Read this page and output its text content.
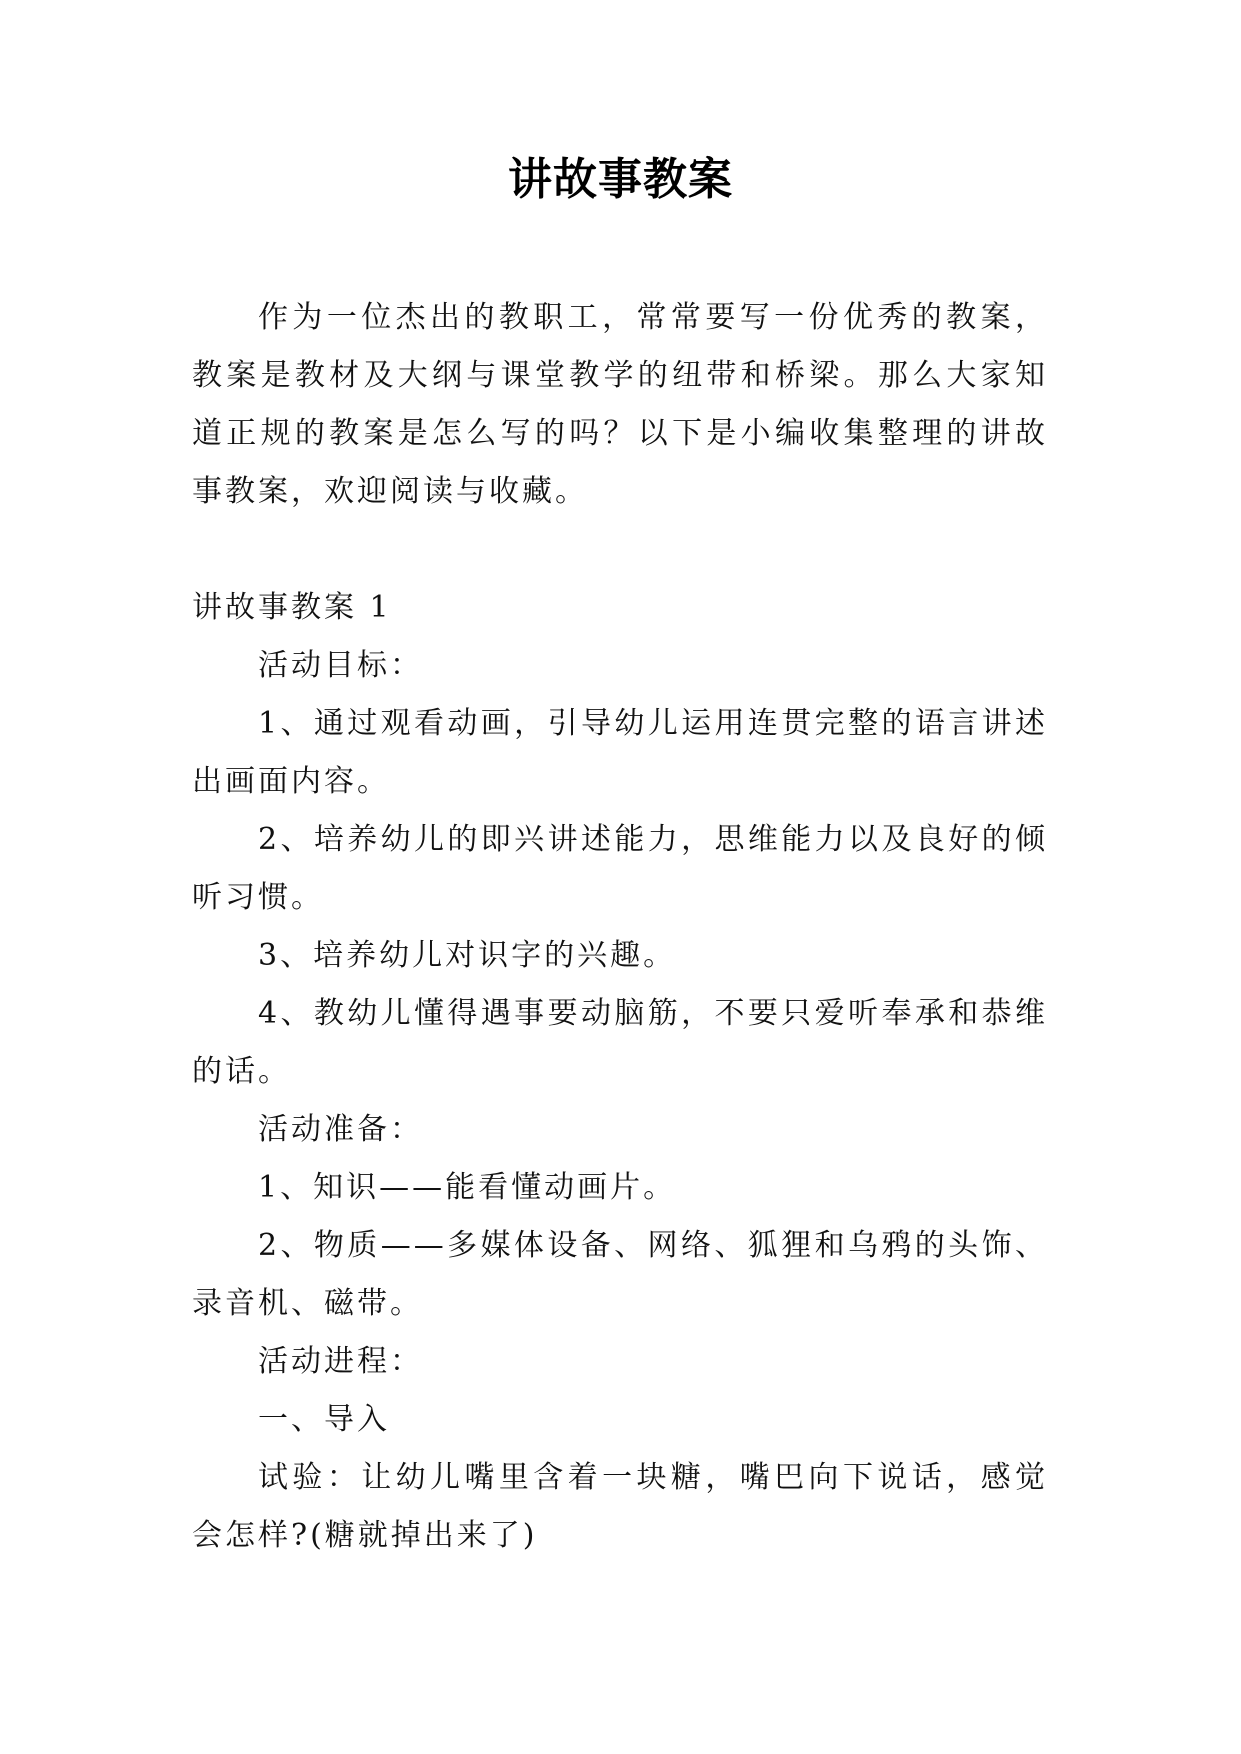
讲故事教案

作为一位杰出的教职工，常常要写一份优秀的教案，教案是教材及大纲与课堂教学的纽带和桥梁。那么大家知道正规的教案是怎么写的吗？以下是小编收集整理的讲故事教案，欢迎阅读与收藏。

讲故事教案 1

活动目标：

1、通过观看动画，引导幼儿运用连贯完整的语言讲述出画面内容。

2、培养幼儿的即兴讲述能力，思维能力以及良好的倾听习惯。

3、培养幼儿对识字的兴趣。

4、教幼儿懂得遇事要动脑筋，不要只爱听奉承和恭维的话。

活动准备：

1、知识——能看懂动画片。

2、物质——多媒体设备、网络、狐狸和乌鸦的头饰、录音机、磁带。

活动进程：

一、导入

试验：让幼儿嘴里含着一块糖，嘴巴向下说话，感觉会怎样?(糖就掉出来了)
